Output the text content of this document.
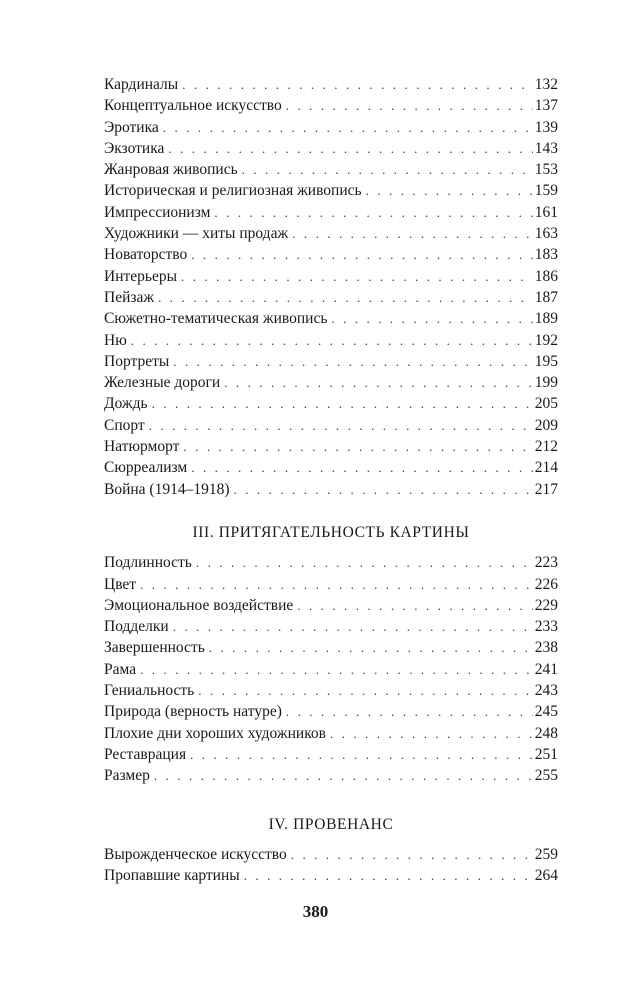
Кардиналы . . .	132
Концептуальное искусство . . .	137
Эротика . . .	139
Экзотика . . .	143
Жанровая живопись . . .	153
Историческая и религиозная живопись . . .	159
Импрессионизм . . .	161
Художники — хиты продаж . . .	163
Новаторство . . .	183
Интерьеры . . .	186
Пейзаж . . .	187
Сюжетно-тематическая живопись . . .	189
Ню . . .	192
Портреты . . .	195
Железные дороги . . .	199
Дождь . . .	205
Спорт . . .	209
Натюрморт . . .	212
Сюрреализм . . .	214
Война (1914–1918) . . .	217
III. ПРИТЯГАТЕЛЬНОСТЬ КАРТИНЫ
Подлинность . . .	223
Цвет . . .	226
Эмоциональное воздействие . . .	229
Подделки . . .	233
Завершенность . . .	238
Рама . . .	241
Гениальность . . .	243
Природа (верность натуре) . . .	245
Плохие дни хороших художников . . .	248
Реставрация . . .	251
Размер . . .	255
IV. ПРОВЕНАНС
Вырожденческое искусство . . .	259
Пропавшие картины . . .	264
380
